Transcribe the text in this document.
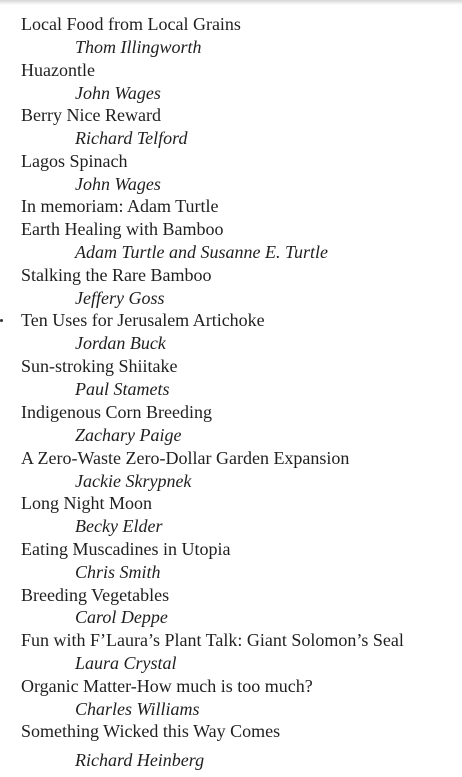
Local Food from Local Grains
Thom Illingworth
Huazontle
John Wages
Berry Nice Reward
Richard Telford
Lagos Spinach
John Wages
In memoriam: Adam Turtle
Earth Healing with Bamboo
Adam Turtle and Susanne E. Turtle
Stalking the Rare Bamboo
Jeffery Goss
Ten Uses for Jerusalem Artichoke
Jordan Buck
Sun-stroking Shiitake
Paul Stamets
Indigenous Corn Breeding
Zachary Paige
A Zero-Waste Zero-Dollar Garden Expansion
Jackie Skrypnek
Long Night Moon
Becky Elder
Eating Muscadines in Utopia
Chris Smith
Breeding Vegetables
Carol Deppe
Fun with F’Laura’s Plant Talk: Giant Solomon’s Seal
Laura Crystal
Organic Matter-How much is too much?
Charles Williams
Something Wicked this Way Comes
Richard Heinberg
